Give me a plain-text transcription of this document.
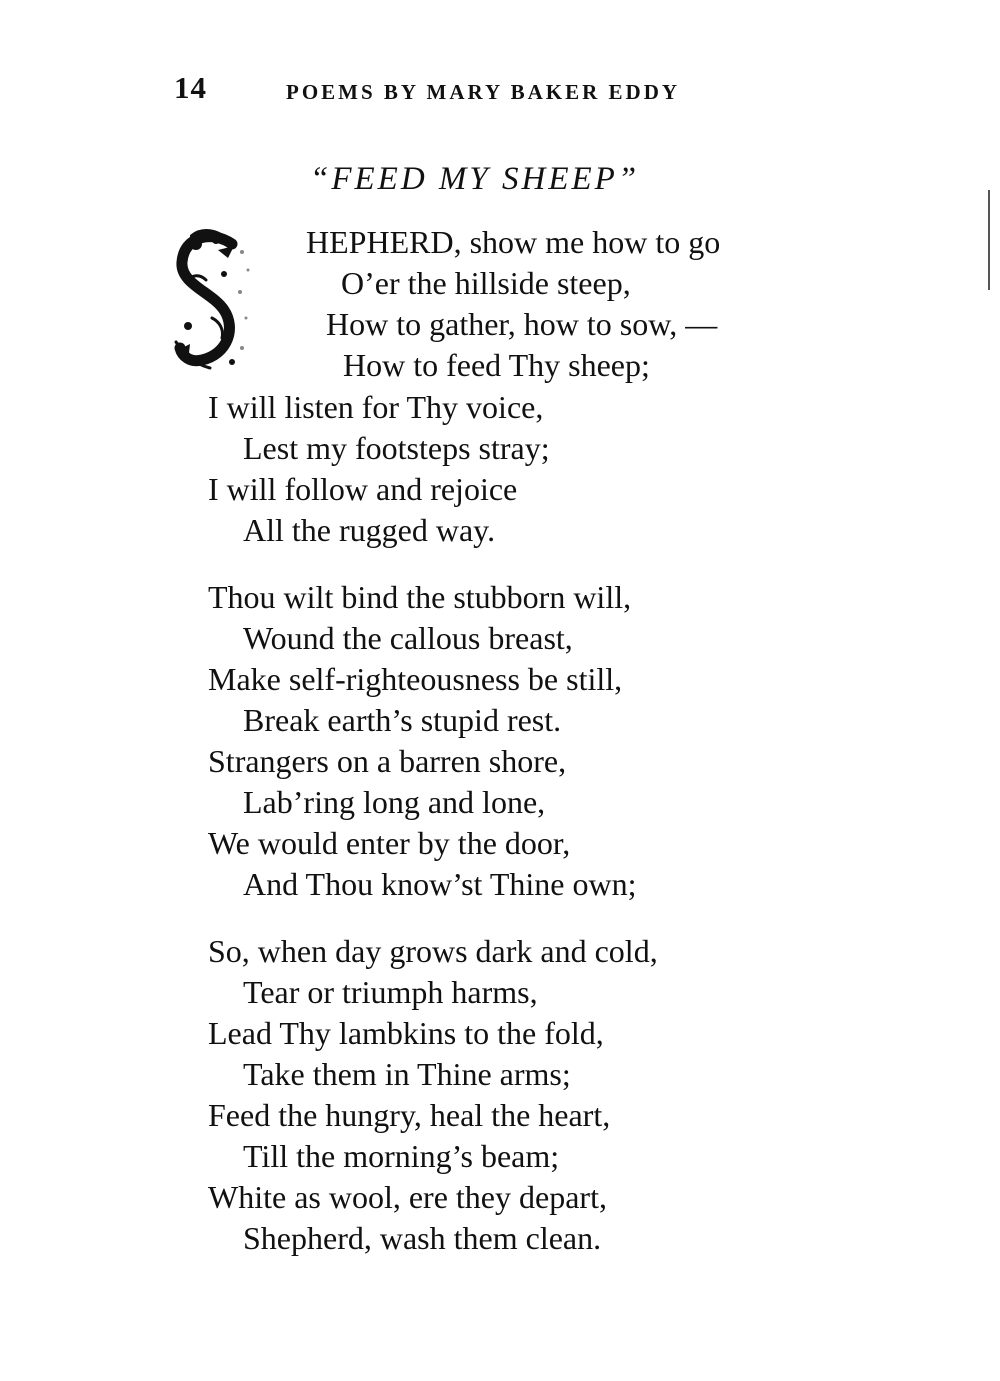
14	POEMS BY MARY BAKER EDDY
“FEED MY SHEEP”
HEPHERD, show me how to go
O’er the hillside steep,
How to gather, how to sow, —
How to feed Thy sheep;
I will listen for Thy voice,
Lest my footsteps stray;
I will follow and rejoice
All the rugged way.
Thou wilt bind the stubborn will,
Wound the callous breast,
Make self-righteousness be still,
Break earth’s stupid rest.
Strangers on a barren shore,
Lab’ring long and lone,
We would enter by the door,
And Thou know’st Thine own;
So, when day grows dark and cold,
Tear or triumph harms,
Lead Thy lambkins to the fold,
Take them in Thine arms;
Feed the hungry, heal the heart,
Till the morning’s beam;
White as wool, ere they depart,
Shepherd, wash them clean.
